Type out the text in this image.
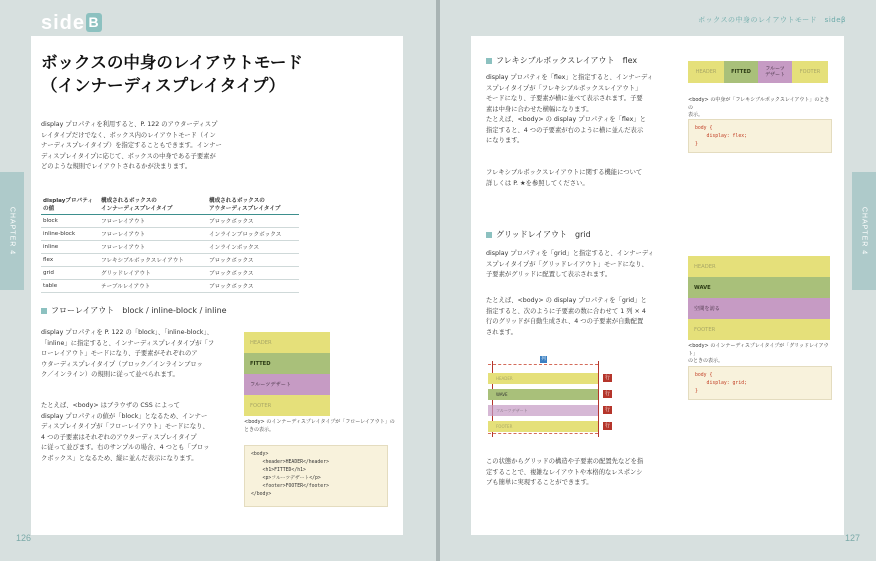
side B
CHAPTER 4
ボックスの中身のレイアウトモード
（インナーディスプレイタイプ）
display プロパティを利用すると、P. 122 のアウターディスプ
レイタイプだけでなく、ボックス内のレイアウトモード（イン
ナーディスプレイタイプ）を指定することもできます。インナー
ディスプレイタイプに応じて、ボックスの中身である子要素が
どのような規則でレイアウトされるかが決まります。
displayプロパティ
の値	構成されるボックスの
インナーディスプレイタイプ	構成されるボックスの
アウターディスプレイタイプ
block	フローレイアウト	ブロックボックス
inline-block	フローレイアウト	インラインブロックボックス
inline	フローレイアウト	インラインボックス
flex	フレキシブルボックスレイアウト	ブロックボックス
grid	グリッドレイアウト	ブロックボックス
table	テーブルレイアウト	ブロックボックス
フローレイアウト block / inline-block / inline
display プロパティを P. 122 の「block」、「inline-block」、
「inline」に指定すると、インナーディスプレイタイプが「フ
ローレイアウト」モードになり、子要素がそれぞれのア
ウターディスプレイタイプ（ブロック／インラインブロッ
ク／インライン）の規則に従って並べられます。
たとえば、<body> はブラウザの CSS によって
display プロパティの値が「block」となるため、インナー
ディスプレイタイプが「フローレイアウト」モードになり、
4 つの子要素はそれぞれのアウターディスプレイタイプ
に従って並びます。右のサンプルの場合、4 つとも「ブロッ
クボックス」となるため、縦に並んだ表示になります。
HEADER
FITTED
フルーツデザート
FOOTER
<body> のインナーディスプレイタイプが「フローレイアウト」の
ときの表示。
<body>
<header>HEADER</header>
<h1>FITTED</h1>
<p>フルーツデザート</p>
<footer>FOOTER</footer>
</body>
126
ボックスの中身のレイアウトモード　sideβ
CHAPTER 4
フレキシブルボックスレイアウト flex
display プロパティを「flex」と指定すると、インナーディ
スプレイタイプが「フレキシブルボックスレイアウト」
モードになり、子要素が横に並べて表示されます。子要
素は中身に合わせた横幅になります。
たとえば、<body> の display プロパティを「flex」と
指定すると、4 つの子要素が右のように横に並んだ表示
になります。
フレキシブルボックスレイアウトに関する機能について
詳しくは P. ★を参照してください。
HEADER	FITTED	フルーツ
デザート	FOOTER
<body> の中身が「フレキシブルボックスレイアウト」のときの
表示。
body {
display: flex;
}
グリッドレイアウト grid
display プロパティを「grid」と指定すると、インナーディ
スプレイタイプが「グリッドレイアウト」モードになり、
子要素がグリッドに配置して表示されます。
たとえば、<body> の display プロパティを「grid」と
指定すると、次のように子要素の数に合わせて 1 列 × 4
行のグリッドが自動生成され、4 つの子要素が自動配置
されます。
列
HEADER
WAVE
フルーツデザート
FOOTER
行
行
行
行
この状態からグリッドの構造や子要素の配置先などを指
定することで、複雑なレイアウトや本格的なレスポンシ
ブも簡単に実現することができます。
HEADER
WAVE
空間を訪る
FOOTER
<body> のインナーディスプレイタイプが「グリッドレイアウト」
のときの表示。
body {
display: grid;
}
127
